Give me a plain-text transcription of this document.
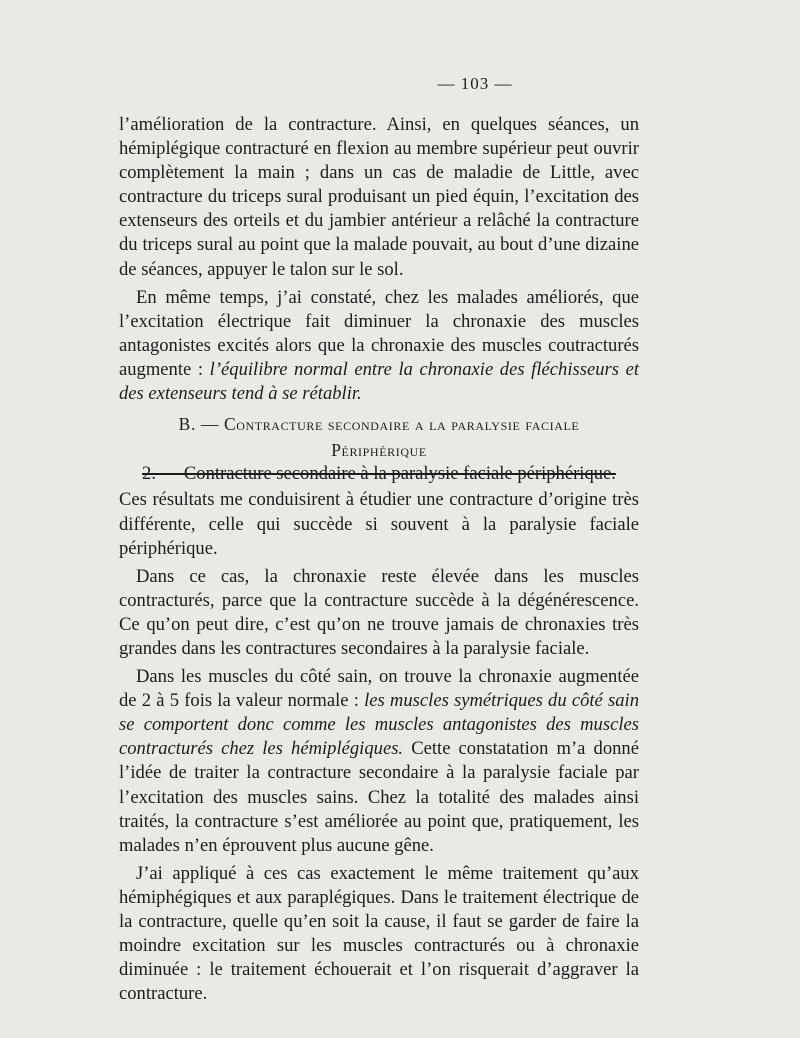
— 103 —

l’amélioration de la contracture. Ainsi, en quelques séances, un hémiplégique contracturé en flexion au membre supérieur peut ouvrir complètement la main ; dans un cas de maladie de Little, avec contracture du triceps sural produisant un pied équin, l’excitation des extenseurs des orteils et du jambier antérieur a relâché la contracture du triceps sural au point que la malade pouvait, au bout d’une dizaine de séances, appuyer le talon sur le sol.

En même temps, j’ai constaté, chez les malades améliorés, que l’excitation électrique fait diminuer la chronaxie des muscles antagonistes excités alors que la chronaxie des muscles coutracturés augmente : l’équilibre normal entre la chronaxie des fléchisseurs et des extenseurs tend à se rétablir.

B. — Contracture secondaire a la paralysie faciale
Périphérique
2. — Contracture secondaire à la paralysie faciale périphérique.

Ces résultats me conduisirent à étudier une contracture d’origine très différente, celle qui succède si souvent à la paralysie faciale périphérique.

Dans ce cas, la chronaxie reste élevée dans les muscles contracturés, parce que la contracture succède à la dégénérescence. Ce qu’on peut dire, c’est qu’on ne trouve jamais de chronaxies très grandes dans les contractures secondaires à la paralysie faciale.

Dans les muscles du côté sain, on trouve la chronaxie augmentée de 2 à 5 fois la valeur normale : les muscles symétriques du côté sain se comportent donc comme les muscles antagonistes des muscles contracturés chez les hémiplégiques. Cette constatation m’a donné l’idée de traiter la contracture secondaire à la paralysie faciale par l’excitation des muscles sains. Chez la totalité des malades ainsi traités, la contracture s’est améliorée au point que, pratiquement, les malades n’en éprouvent plus aucune gêne.

J’ai appliqué à ces cas exactement le même traitement qu’aux hémiphégiques et aux paraplégiques. Dans le traitement électrique de la contracture, quelle qu’en soit la cause, il faut se garder de faire la moindre excitation sur les muscles contracturés ou à chronaxie diminuée : le traitement échouerait et l’on risquerait d’aggraver la contracture.
